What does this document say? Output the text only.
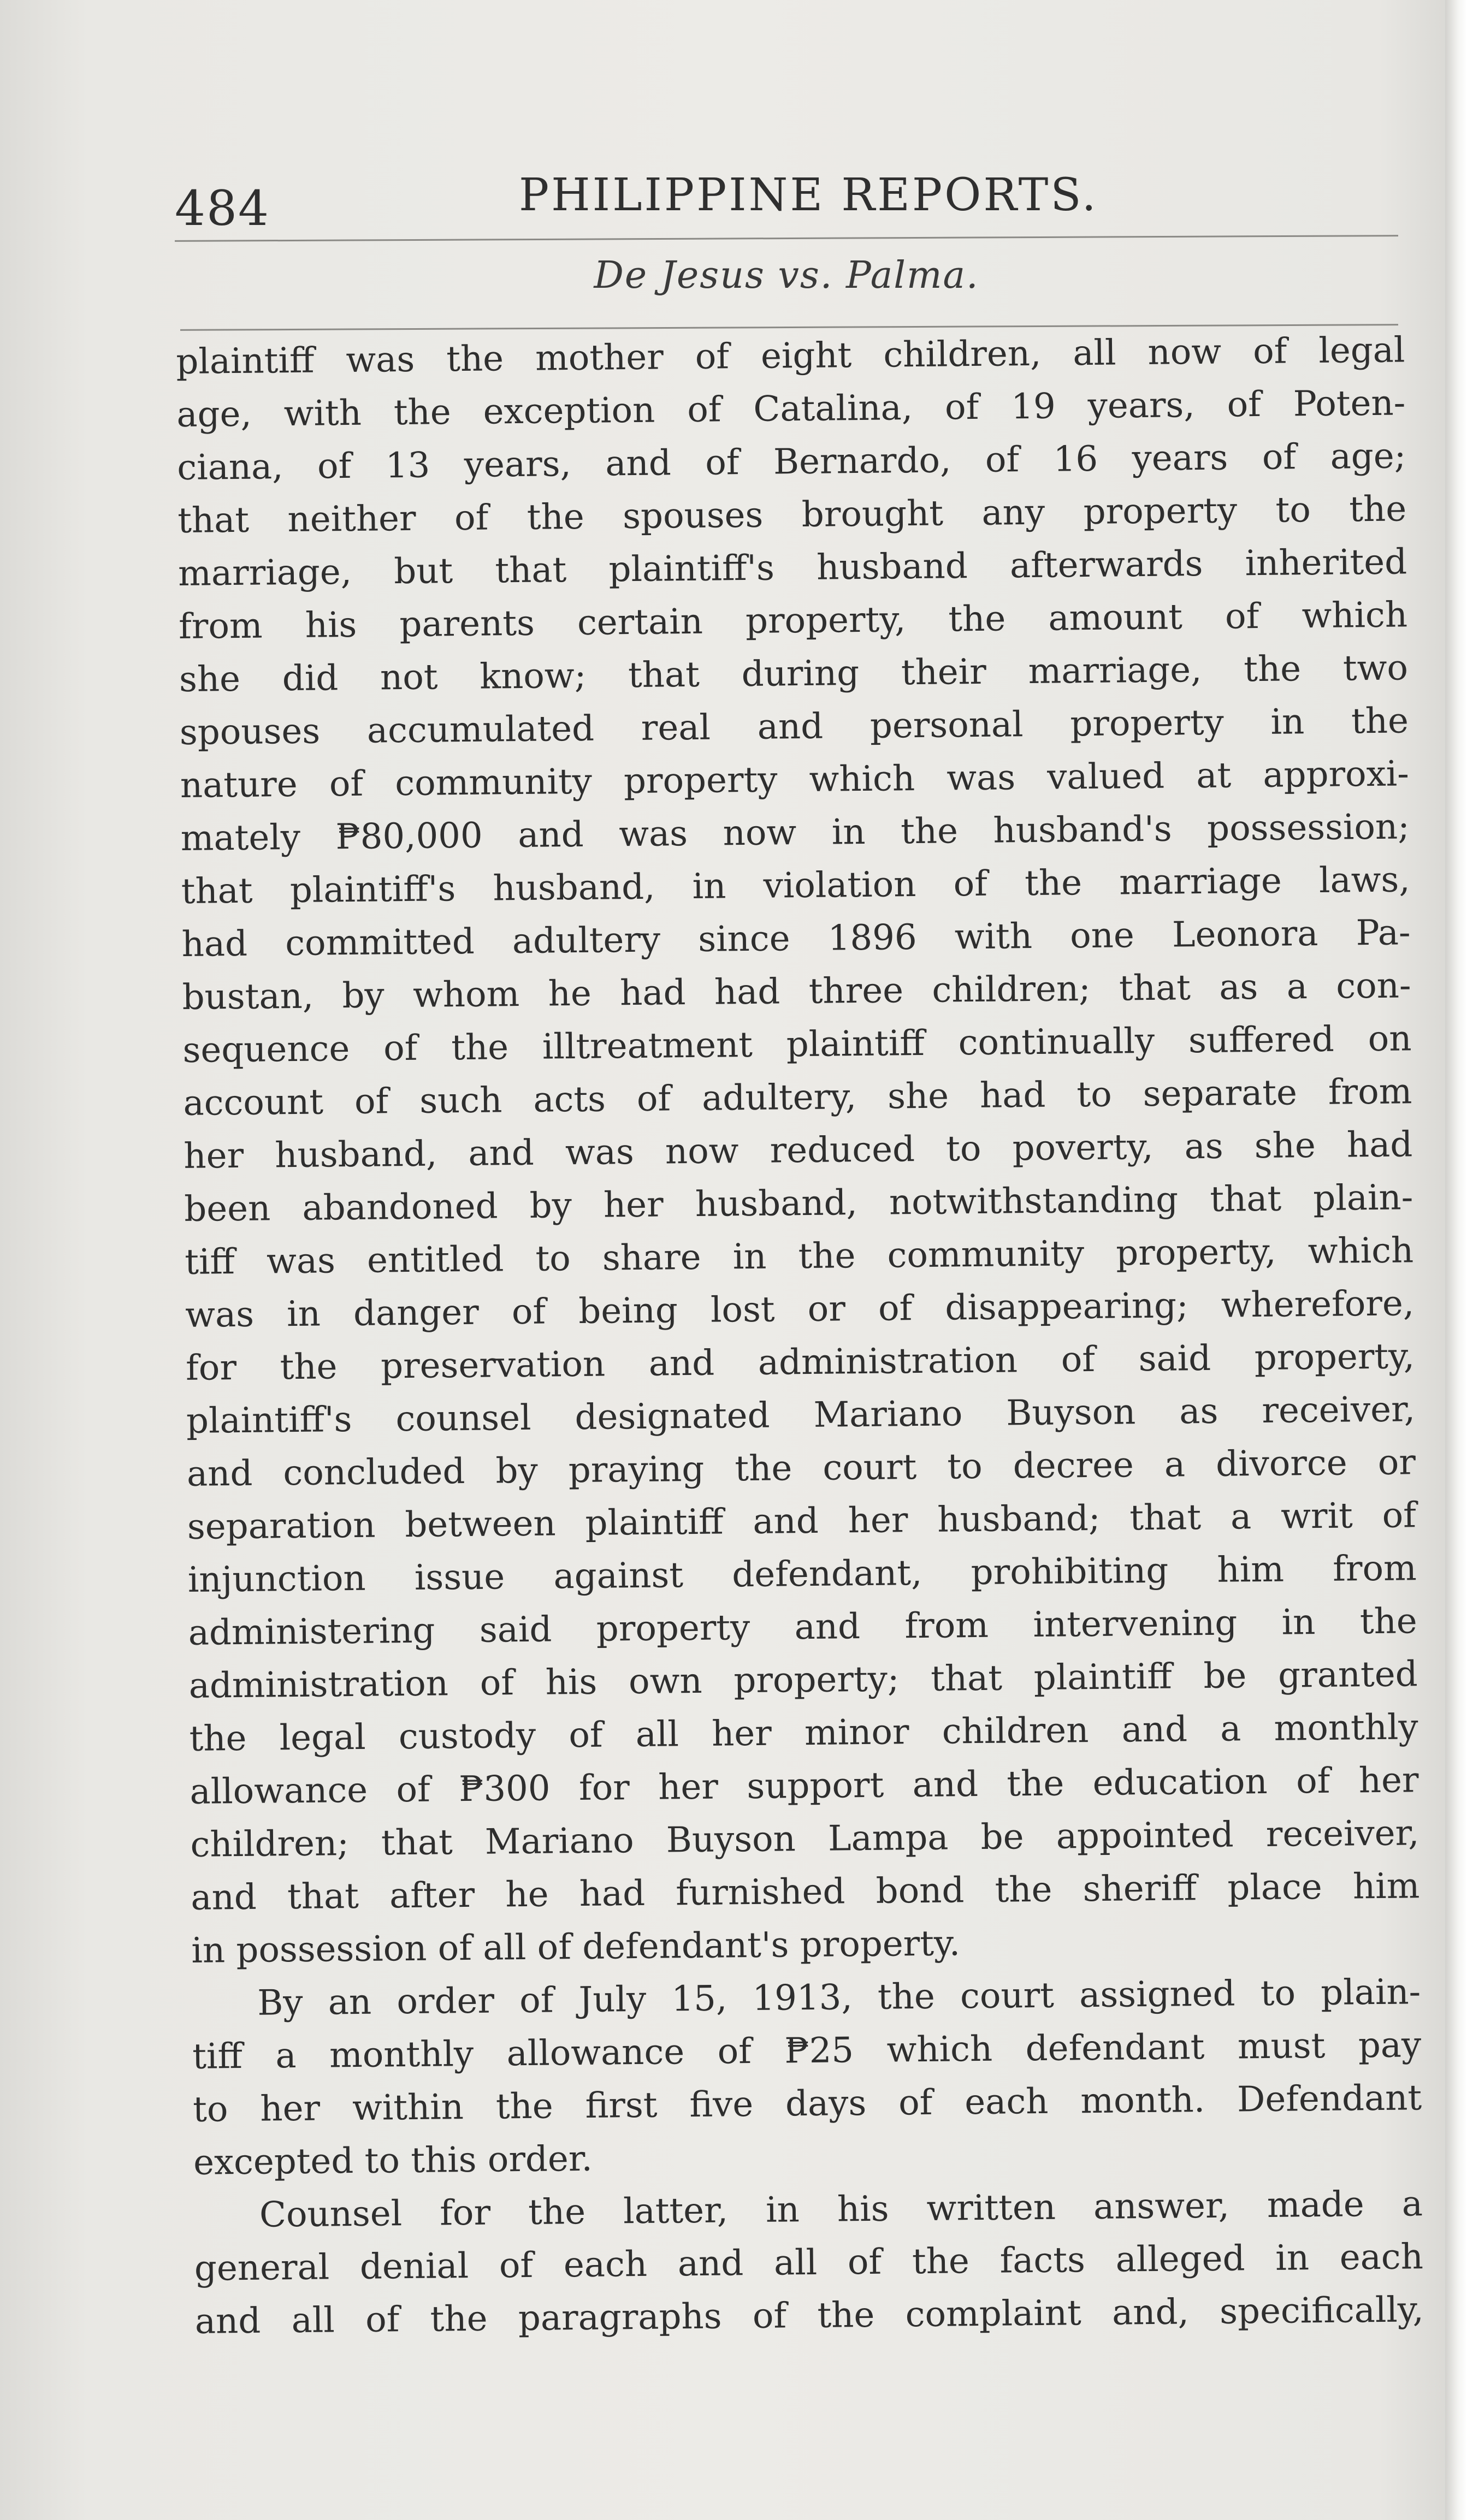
484	PHILIPPINE REPORTS.
De Jesus vs. Palma.
plaintiff was the mother of eight children, all now of legal
age, with the exception of Catalina, of 19 years, of Poten-
ciana, of 13 years, and of Bernardo, of 16 years of age;
that neither of the spouses brought any property to the
marriage, but that plaintiff's husband afterwards inherited
from his parents certain property, the amount of which
she did not know; that during their marriage, the two
spouses accumulated real and personal property in the
nature of community property which was valued at approxi-
mately ₱80,000 and was now in the husband's possession;
that plaintiff's husband, in violation of the marriage laws,
had committed adultery since 1896 with one Leonora Pa-
bustan, by whom he had had three children; that as a con-
sequence of the illtreatment plaintiff continually suffered on
account of such acts of adultery, she had to separate from
her husband, and was now reduced to poverty, as she had
been abandoned by her husband, notwithstanding that plain-
tiff was entitled to share in the community property, which
was in danger of being lost or of disappearing; wherefore,
for the preservation and administration of said property,
plaintiff's counsel designated Mariano Buyson as receiver,
and concluded by praying the court to decree a divorce or
separation between plaintiff and her husband; that a writ of
injunction issue against defendant, prohibiting him from
administering said property and from intervening in the
administration of his own property; that plaintiff be granted
the legal custody of all her minor children and a monthly
allowance of ₱300 for her support and the education of her
children; that Mariano Buyson Lampa be appointed receiver,
and that after he had furnished bond the sheriff place him
in possession of all of defendant's property.
By an order of July 15, 1913, the court assigned to plain-
tiff a monthly allowance of ₱25 which defendant must pay
to her within the first five days of each month. Defendant
excepted to this order.
Counsel for the latter, in his written answer, made a
general denial of each and all of the facts alleged in each
and all of the paragraphs of the complaint and, specifically,
